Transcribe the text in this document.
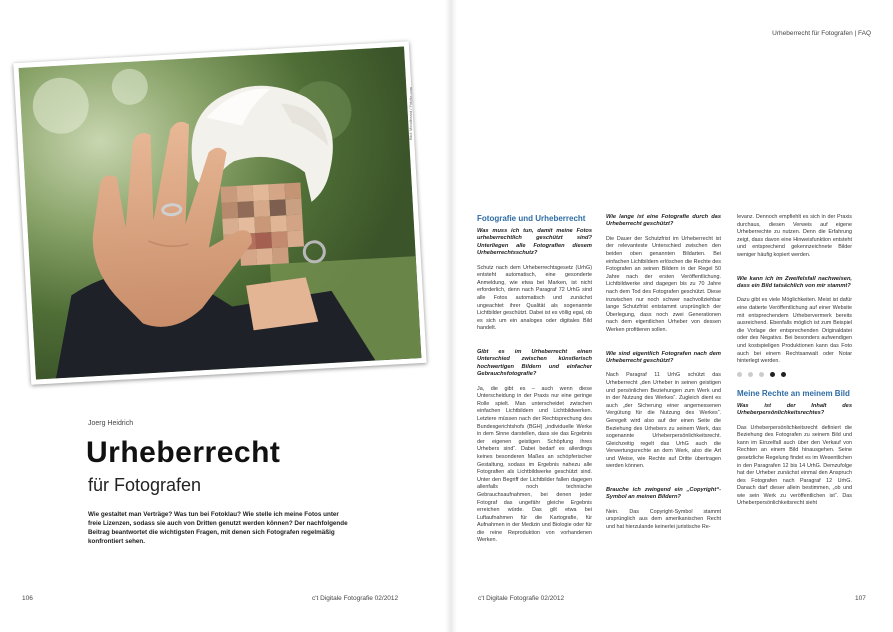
Urheberrecht für Fotografen | FAQ
Bild: Moodboard / Fotolia.com
Joerg Heidrich
Urheberrecht
für Fotografen
Wie gestaltet man Verträge? Was tun bei Fotoklau? Wie stelle ich meine Fotos unter freie Lizenzen, sodass sie auch von Dritten genutzt werden können? Der nachfolgende Beitrag beantwortet die wichtigsten Fragen, mit denen sich Fotografen regelmäßig konfrontiert sehen.
Fotografie und Urheberrecht
Was muss ich tun, damit meine Fotos urheberrechtlich geschützt sind? Unterliegen alle Fotografien diesem Urheberrechtsschutz?

Schutz nach dem Urheberrechtsgesetz (UrhG) entsteht automatisch, eine gesonderte Anmeldung, wie etwa bei Marken, ist nicht erforderlich, denn nach Paragraf 72 UrhG sind alle Fotos automatisch und zunächst ungeachtet ihrer Qualität als sogenannte Lichtbilder geschützt. Dabei ist es völlig egal, ob es sich um ein analoges oder digitales Bild handelt.

Gibt es im Urheberrecht einen Unterschied zwischen künstlerisch hochwertigen Bildern und einfacher Gebrauchsfotografie?

Ja, die gibt es – auch wenn diese Unterscheidung in der Praxis nur eine geringe Rolle spielt. Man unterscheidet zwischen einfachen Lichtbildern und Lichtbildwerken. Letztere müssen nach der Rechtsprechung des Bundesgerichtshofs (BGH) „individuelle Werke in dem Sinne darstellen, dass sie das Ergebnis der eigenen geistigen Schöpfung ihres Urhebers sind“. Dabei bedarf es allerdings keines besonderen Maßes an schöpferischer Gestaltung, sodass im Ergebnis nahezu alle Fotografien als Lichtbildwerke geschützt sind. Unter den Begriff der Lichtbilder fallen dagegen allenfalls noch technische Gebrauchsaufnahmen, bei denen jeder Fotograf das ungefähr gleiche Ergebnis erreichen würde. Das gilt etwa bei Luftaufnahmen für die Kartografie, für Aufnahmen in der Medizin und Biologie oder für die reine Reproduktion von vorhandenen Werken.

Wie lange ist eine Fotografie durch das Urheberrecht geschützt?

Die Dauer der Schutzfrist im Urheberrecht ist der relevanteste Unterschied zwischen den beiden oben genannten Bildarten. Bei einfachen Lichtbildern erlöschen die Rechte des Fotografen an seinen Bildern in der Regel 50 Jahre nach der ersten Veröffentlichung. Lichtbildwerke sind dagegen bis zu 70 Jahre nach dem Tod des Fotografen geschützt. Diese inzwischen nur noch schwer nachvollziehbar lange Schutzfrist entstammt ursprünglich der Überlegung, dass noch zwei Generationen nach dem eigentlichen Urheber von dessen Werken profitieren sollen.

Wie sind eigentlich Fotografen nach dem Urheberrecht geschützt?

Nach Paragraf 11 UrhG schützt das Urheberrecht „den Urheber in seinen geistigen und persönlichen Beziehungen zum Werk und in der Nutzung des Werkes“. Zugleich dient es auch „der Sicherung einer angemessenen Vergütung für die Nutzung des Werkes“. Geregelt wird also auf der einen Seite die Beziehung des Urhebers zu seinem Werk, das sogenannte Urheberpersönlichkeitsrecht. Gleichzeitig regelt das UrhG auch die Verwertungsrechte an dem Werk, also die Art und Weise, wie Rechte auf Dritte übertragen werden können.

Brauche ich zwingend ein „Copyright“-Symbol an meinen Bildern?

Nein. Das Copyright-Symbol stammt ursprünglich aus dem amerikanischen Recht und hat hierzulande keinerlei juristische Re-

levanz. Dennoch empfiehlt es sich in der Praxis durchaus, diesen Verweis auf eigene Urheberrechte zu nutzen. Denn die Erfahrung zeigt, dass davon eine Hinweisfunktion entsteht und entsprechend gekennzeichnete Bilder weniger häufig kopiert werden.

Wie kann ich im Zweifelsfall nachweisen, dass ein Bild tatsächlich von mir stammt?

Dazu gibt es viele Möglichkeiten. Meist ist dafür eine datierte Veröffentlichung auf einer Website mit entsprechendem Urhebervermerk bereits ausreichend. Ebenfalls möglich ist zum Beispiel die Vorlage der entsprechenden Originaldatei oder des Negativs. Bei besonders aufwendigen und kostspieligen Produktionen kann das Foto auch bei einem Rechtsanwalt oder Notar hinterlegt werden.

Meine Rechte an meinem Bild
Was ist der Inhalt des Urheberpersönlichkeitsrechtes?

Das Urheberpersönlichkeitsrecht definiert die Beziehung des Fotografen zu seinem Bild und kann im Einzelfall auch über den Verkauf von Rechten an einem Bild hinausgehen. Seine gesetzliche Regelung findet es im Wesentlichen in den Paragrafen 12 bis 14 UrhG. Demzufolge hat der Urheber zunächst einmal den Anspruch des Fotografen nach Paragraf 12 UrhG. Danach darf dieser allein bestimmen, „ob und wie sein Werk zu veröffentlichen ist“. Das Urheberpersönlichkeitsrecht sieht

106	c't Digitale Fotografie 02/2012	c't Digitale Fotografie 02/2012	107
